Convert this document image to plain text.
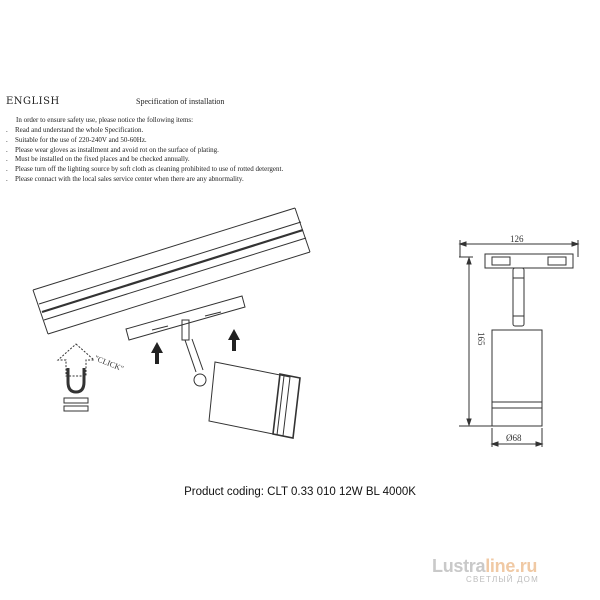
ENGLISH	Specification of installation
In order to ensure safety use, please notice the following items:
. Read and understand the whole Specification.
. Suitable for the use of 220-240V and 50-60Hz.
. Please wear gloves as installment and avoid rot on the surface of plating.
. Must be installed on the fixed places and be checked annually.
. Please turn off the lighting source by soft cloth as cleaning prohibited to use of rotted detergent.
. Please connact with the local sales service center when there are any abnormality.
"CLICK"
126
165
Ø68
Product coding: CLT 0.33 010 12W BL 4000K
Lustraline.ru
СВЕТЛЫЙ ДОМ
